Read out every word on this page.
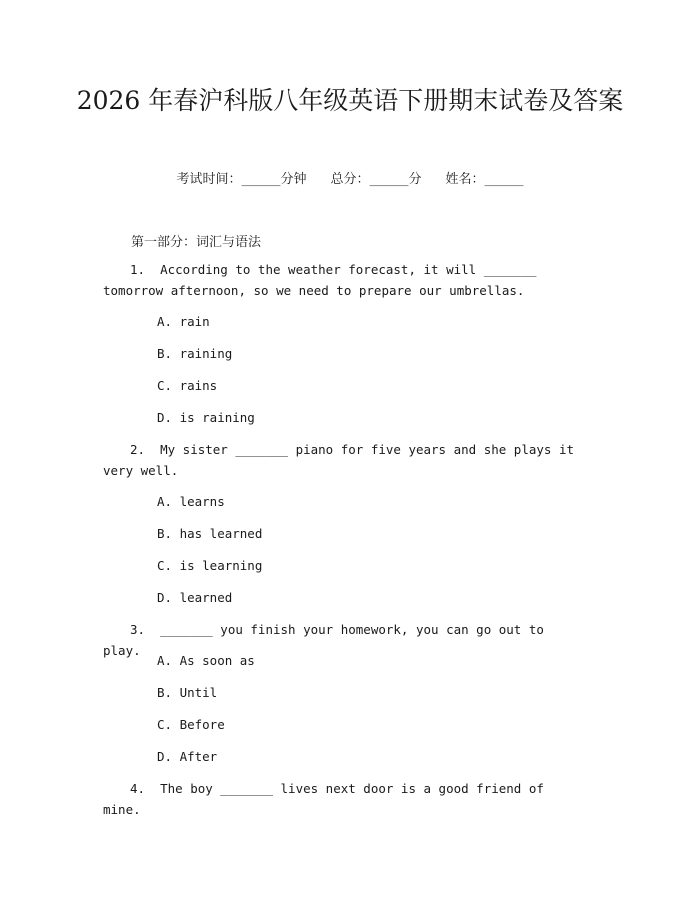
2026 年春沪科版八年级英语下册期末试卷及答案
考试时间：______分钟 总分：______分 姓名：______
第一部分：词汇与语法
1.  According to the weather forecast, it will _______ tomorrow afternoon, so we need to prepare our umbrellas.
A. rain
B. raining
C. rains
D. is raining
2.  My sister _______ piano for five years and she plays it very well.
A. learns
B. has learned
C. is learning
D. learned
3.  _______ you finish your homework, you can go out to play.
A. As soon as
B. Until
C. Before
D. After
4.  The boy _______ lives next door is a good friend of mine.
